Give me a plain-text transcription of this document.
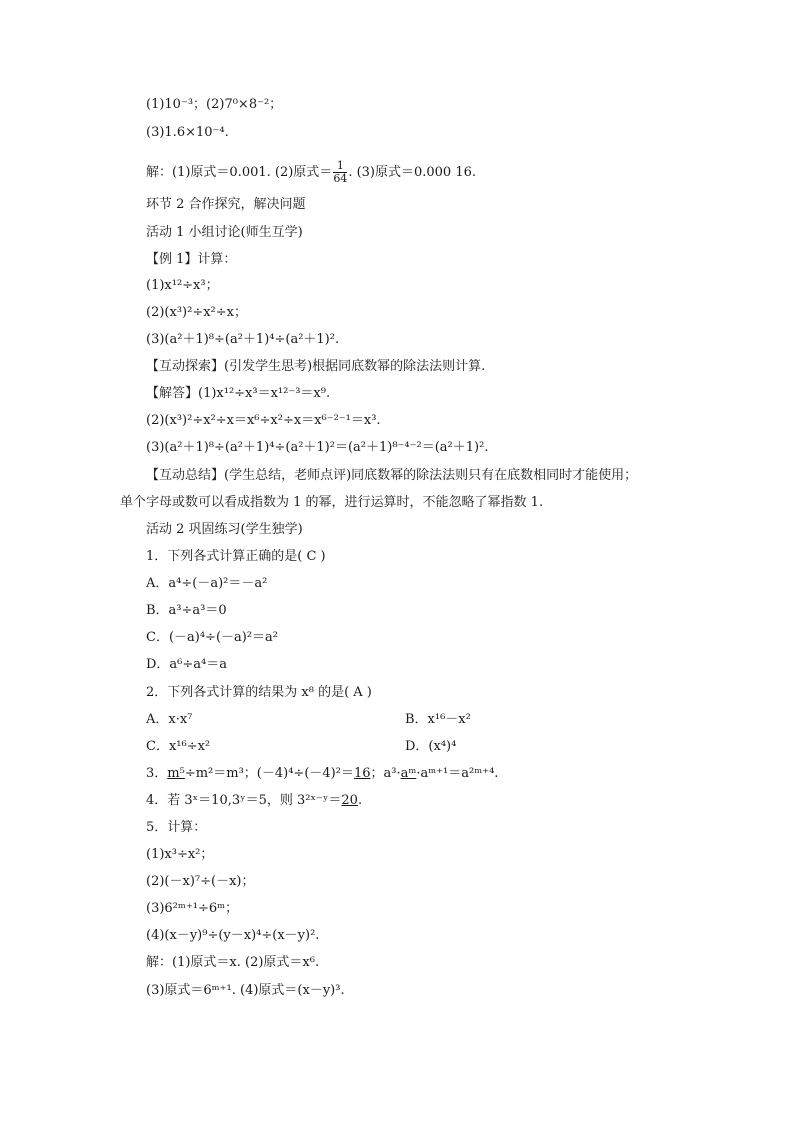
(1)10⁻³；(2)7⁰×8⁻²；
(3)1.6×10⁻⁴.
解：(1)原式＝0.001. (2)原式＝ $\frac{1}{64}$ . (3)原式＝0.000 16.
环节 2 合作探究，解决问题
活动 1 小组讨论(师生互学)
【例 1】计算：
(1)x¹²÷x³；
(2)(x³)²÷x²÷x；
(3)(a²＋1)⁸÷(a²＋1)⁴÷(a²＋1)².
【互动探索】(引发学生思考)根据同底数幂的除法法则计算.
【解答】(1)x¹²÷x³＝x¹²⁻³＝x⁹.
(2)(x³)²÷x²÷x＝x⁶÷x²÷x＝x⁶⁻²⁻¹＝x³.
(3)(a²＋1)⁸÷(a²＋1)⁴÷(a²＋1)²＝(a²＋1)⁸⁻⁴⁻²＝(a²＋1)².
【互动总结】(学生总结，老师点评)同底数幂的除法法则只有在底数相同时才能使用；
单个字母或数可以看成指数为 1 的幂，进行运算时，不能忽略了幂指数 1.
活动 2 巩固练习(学生独学)
1．下列各式计算正确的是( C )
A．a⁴÷(－a)²＝－a²
B．a³÷a³＝0
C．(－a)⁴÷(－a)²＝a²
D．a⁶÷a⁴＝a
2．下列各式计算的结果为 x⁸ 的是( A )
A．x·x⁷	B．x¹⁶－x²
C．x¹⁶÷x²	D．(x⁴)⁴
3．m⁵÷m²＝m³；(－4)⁴÷(－4)²＝16；a³·aᵐ·aᵐ⁺¹＝a²ᵐ⁺⁴.
4．若 3ˣ＝10,3ʸ＝5，则 3²ˣ⁻ʸ＝20.
5．计算：
(1)x³÷x²；
(2)(－x)⁷÷(－x)；
(3)6²ᵐ⁺¹÷6ᵐ；
(4)(x－y)⁹÷(y－x)⁴÷(x－y)².
解：(1)原式＝x. (2)原式＝x⁶.
(3)原式＝6ᵐ⁺¹. (4)原式＝(x－y)³.
